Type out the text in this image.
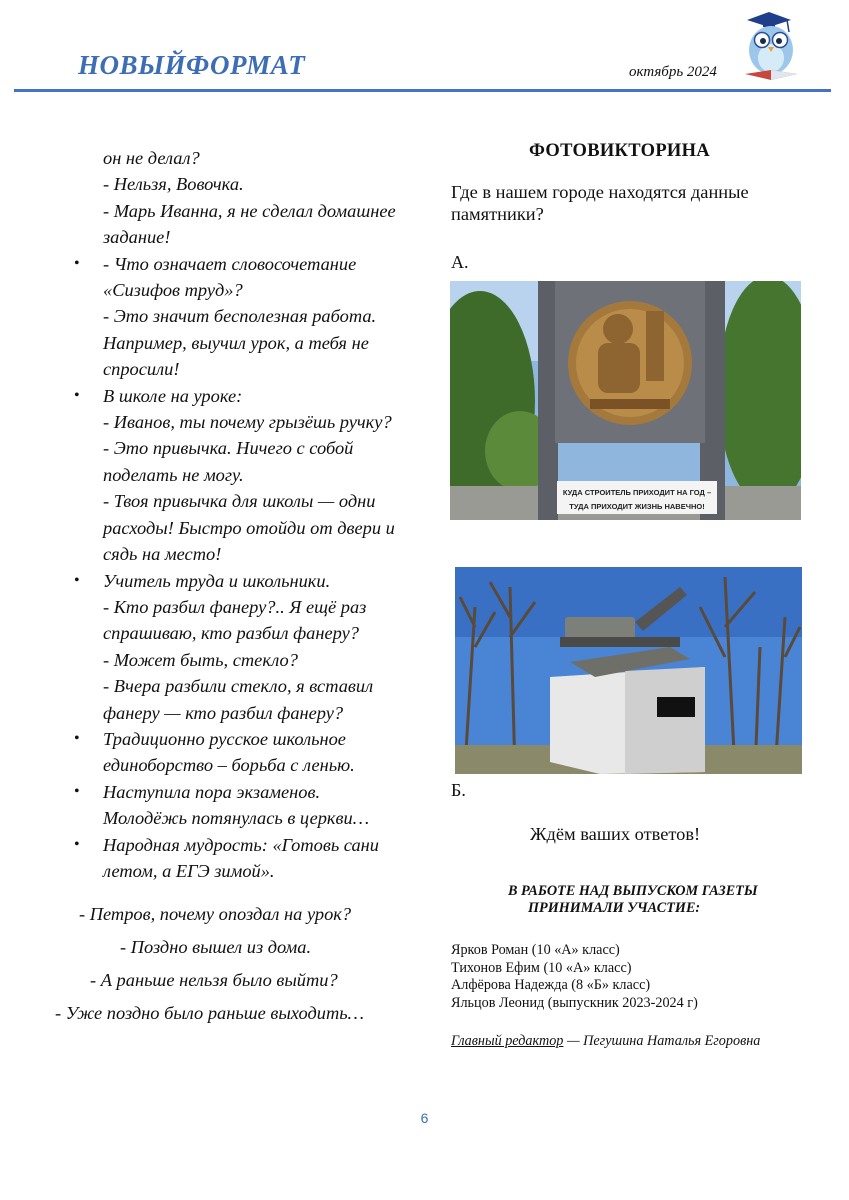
НОВЫЙФОРМАТ	октябрь 2024

он не делал?

- Нельзя, Вовочка.

- Марь Иванна, я не сделал домашнее задание!

• - Что означает словосочетание «Сизифов труд»?
- Это значит бесполезная работа. Например, выучил урок, а тебя не спросили!
• В школе на уроке:
- Иванов, ты почему грызёшь ручку?
- Это привычка. Ничего с собой поделать не могу.
- Твоя привычка для школы — одни расходы! Быстро отойди от двери и сядь на место!
• Учитель труда и школьники.
- Кто разбил фанеру?.. Я ещё раз спрашиваю, кто разбил фанеру?
- Может быть, стекло?
- Вчера разбили стекло, я вставил фанеру — кто разбил фанеру?
• Традиционно русское школьное единоборство – борьба с ленью.
• Наступила пора экзаменов. Молодёжь потянулась в церкви…
• Народная мудрость: «Готовь сани летом, а ЕГЭ зимой».
- Петров, почему опоздал на урок?
- Поздно вышел из дома.
- А раньше нельзя было выйти?
- Уже поздно было раньше выходить…
ФОТОВИКТОРИНА
Где в нашем городе находятся данные памятники?
А.
КУДА СТРОИТЕЛЬ ПРИХОДИТ НА ГОД –
ТУДА ПРИХОДИТ ЖИЗНЬ НАВЕЧНО!
Б.
Ждём ваших ответов!
В РАБОТЕ НАД ВЫПУСКОМ ГАЗЕТЫ
ПРИНИМАЛИ УЧАСТИЕ:
Ярков Роман (10 «А» класс)
Тихонов Ефим (10 «А» класс)
Алфёрова Надежда (8 «Б» класс)
Яльцов Леонид (выпускник 2023-2024 г)
Главный редактор — Пегушина Наталья Егоровна
6
